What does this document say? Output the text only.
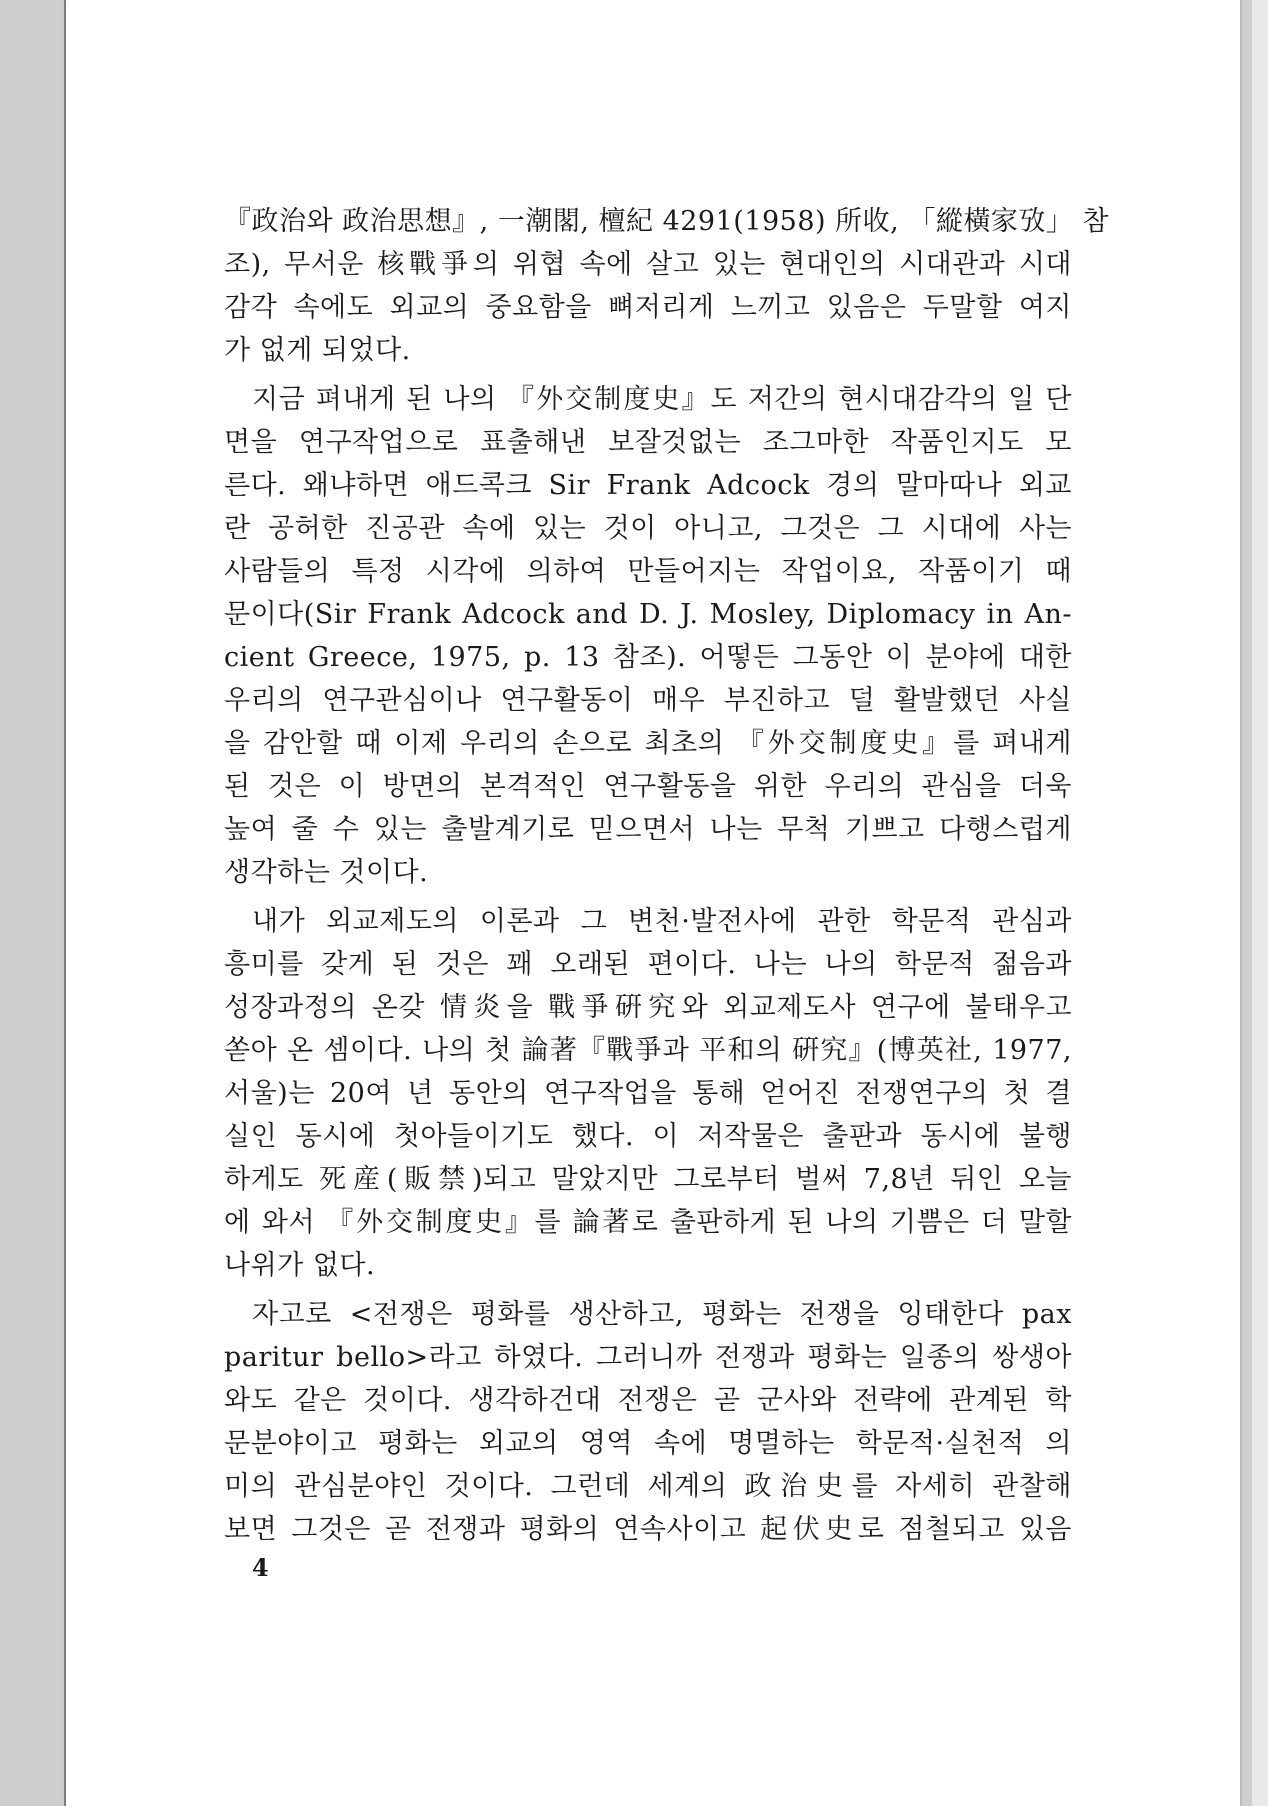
『政治와 政治思想』, 一潮閣, 檀紀 4291(1958) 所收, 「縱橫家攷」 참
조), 무서운 核戰爭의 위협 속에 살고 있는 현대인의 시대관과 시대
감각 속에도 외교의 중요함을 뼈저리게 느끼고 있음은 두말할 여지
가 없게 되었다.
지금 펴내게 된 나의 『外交制度史』도 저간의 현시대감각의 일 단
면을 연구작업으로 표출해낸 보잘것없는 조그마한 작품인지도 모
른다. 왜냐하면 애드콕크 Sir Frank Adcock 경의 말마따나 외교
란 공허한 진공관 속에 있는 것이 아니고, 그것은 그 시대에 사는
사람들의 특정 시각에 의하여 만들어지는 작업이요, 작품이기 때
문이다(Sir Frank Adcock and D. J. Mosley, Diplomacy in An-
cient Greece, 1975, p. 13 참조). 어떻든 그동안 이 분야에 대한
우리의 연구관심이나 연구활동이 매우 부진하고 덜 활발했던 사실
을 감안할 때 이제 우리의 손으로 최초의 『外交制度史』를 펴내게
된 것은 이 방면의 본격적인 연구활동을 위한 우리의 관심을 더욱
높여 줄 수 있는 출발계기로 믿으면서 나는 무척 기쁘고 다행스럽게
생각하는 것이다.
내가 외교제도의 이론과 그 변천·발전사에 관한 학문적 관심과
흥미를 갖게 된 것은 꽤 오래된 편이다. 나는 나의 학문적 젊음과
성장과정의 온갖 情炎을 戰爭硏究와 외교제도사 연구에 불태우고
쏟아 온 셈이다. 나의 첫 論著『戰爭과 平和의 硏究』(博英社, 1977,
서울)는 20여 년 동안의 연구작업을 통해 얻어진 전쟁연구의 첫 결
실인 동시에 첫아들이기도 했다. 이 저작물은 출판과 동시에 불행
하게도 死産(販禁)되고 말았지만 그로부터 벌써 7,8년 뒤인 오늘
에 와서 『外交制度史』를 論著로 출판하게 된 나의 기쁨은 더 말할
나위가 없다.
자고로 <전쟁은 평화를 생산하고, 평화는 전쟁을 잉태한다 pax
paritur bello>라고 하였다. 그러니까 전쟁과 평화는 일종의 쌍생아
와도 같은 것이다. 생각하건대 전쟁은 곧 군사와 전략에 관계된 학
문분야이고 평화는 외교의 영역 속에 명멸하는 학문적·실천적 의
미의 관심분야인 것이다. 그런데 세계의 政治史를 자세히 관찰해
보면 그것은 곧 전쟁과 평화의 연속사이고 起伏史로 점철되고 있음
4
